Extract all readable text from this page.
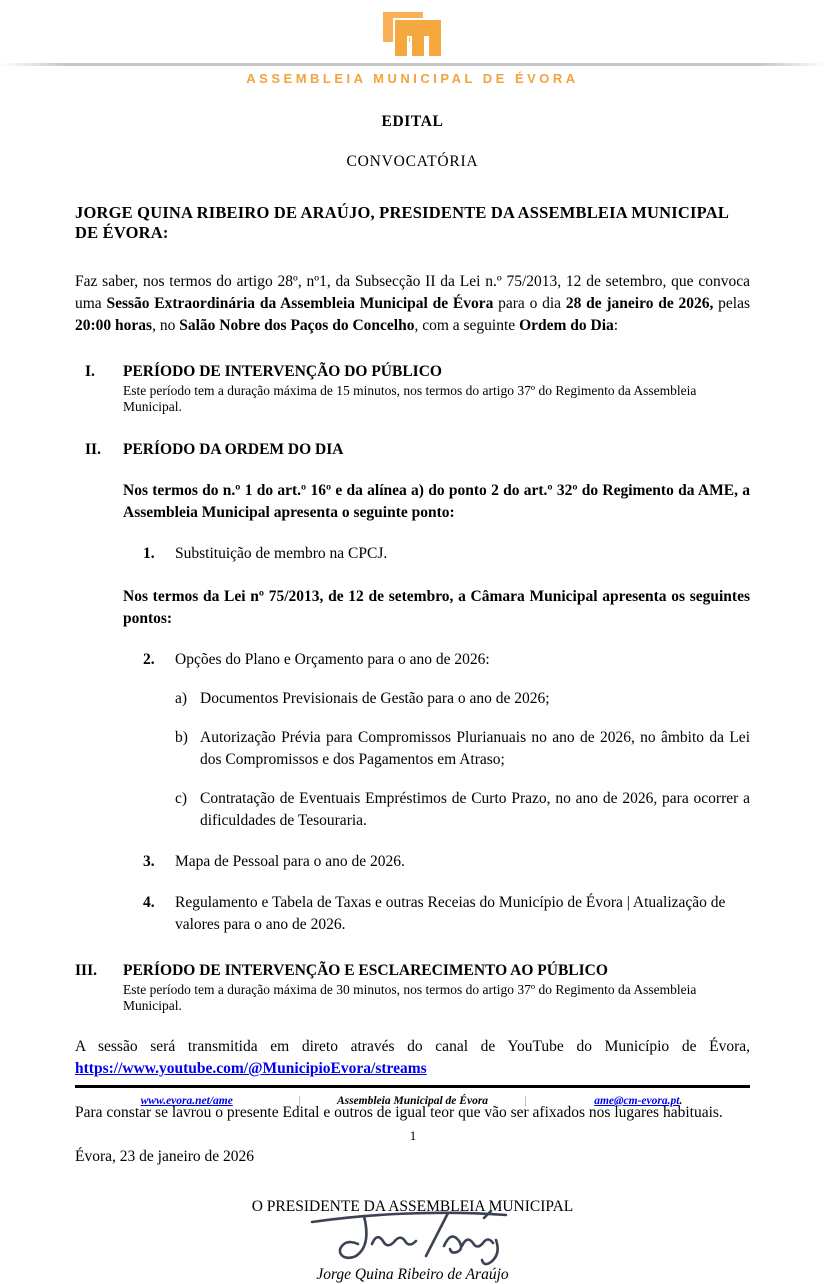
ASSEMBLEIA MUNICIPAL DE ÉVORA
EDITAL
CONVOCATÓRIA
JORGE QUINA RIBEIRO DE ARAÚJO, PRESIDENTE DA ASSEMBLEIA MUNICIPAL DE ÉVORA:

Faz saber, nos termos do artigo 28º, nº1, da Subsecção II da Lei n.º 75/2013, 12 de setembro, que convoca uma Sessão Extraordinária da Assembleia Municipal de Évora para o dia 28 de janeiro de 2026, pelas 20:00 horas, no Salão Nobre dos Paços do Concelho, com a seguinte Ordem do Dia:

I.	PERÍODO DE INTERVENÇÃO DO PÚBLICO
Este período tem a duração máxima de 15 minutos, nos termos do artigo 37º do Regimento da Assembleia Municipal.
II.	PERÍODO DA ORDEM DO DIA

Nos termos do n.º 1 do art.º 16º e da alínea a) do ponto 2 do art.º 32º do Regimento da AME, a Assembleia Municipal apresenta o seguinte ponto:

1.	Substituição de membro na CPCJ.

Nos termos da Lei nº 75/2013, de 12 de setembro, a Câmara Municipal apresenta os seguintes pontos:

2.	Opções do Plano e Orçamento para o ano de 2026:
a) Documentos Previsionais de Gestão para o ano de 2026;
b) Autorização Prévia para Compromissos Plurianuais no ano de 2026, no âmbito da Lei dos Compromissos e dos Pagamentos em Atraso;
c) Contratação de Eventuais Empréstimos de Curto Prazo, no ano de 2026, para ocorrer a dificuldades de Tesouraria.
3.	Mapa de Pessoal para o ano de 2026.
4.	Regulamento e Tabela de Taxas e outras Receias do Município de Évora | Atualização de valores para o ano de 2026.
III.	PERÍODO DE INTERVENÇÃO E ESCLARECIMENTO AO PÚBLICO
Este período tem a duração máxima de 30 minutos, nos termos do artigo 37º do Regimento da Assembleia Municipal.

A sessão será transmitida em direto através do canal de YouTube do Município de Évora, https://www.youtube.com/@MunicipioEvora/streams

Para constar se lavrou o presente Edital e outros de igual teor que vão ser afixados nos lugares habituais.
Évora, 23 de janeiro de 2026
O PRESIDENTE DA ASSEMBLEIA MUNICIPAL
Jorge Quina Ribeiro de Araújo
www.evora.net/ame	|	Assembleia Municipal de Évora	|	ame@cm-evora.pt.
1
